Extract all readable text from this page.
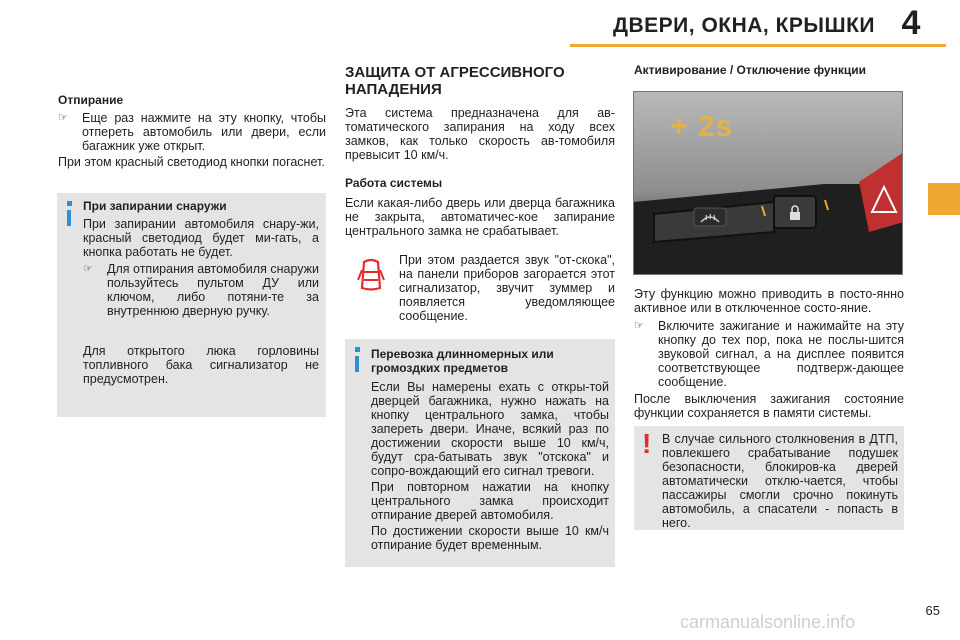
ДВЕРИ, ОКНА, КРЫШКИ 4

Отпирание

☞	Еще раз нажмите на эту кнопку, чтобы отпереть автомобиль или двери, если багажник уже открыт.

При этом красный светодиод кнопки погаснет.

При запирании снаружи

При запирании автомобиля снару-жи, красный светодиод будет ми-гать, а кнопка работать не будет.

☞	Для отпирания автомобиля снаружи пользуйтесь пультом ДУ или ключом, либо потяни-те за внутреннюю дверную ручку.

Для открытого люка горловины топливного бака сигнализатор не предусмотрен.

ЗАЩИТА ОТ АГРЕССИВНОГО НАПАДЕНИЯ

Эта система предназначена для ав-томатического запирания на ходу всех замков, как только скорость ав-томобиля превысит 10 км/ч.

Работа системы

Если какая-либо дверь или дверца багажника не закрыта, автоматичес-кое запирание центрального замка не срабатывает.

При этом раздается звук "от-скока", на панели приборов загорается этот сигнализатор, звучит зуммер и появляется уведомляющее сообщение.

Перевозка длинномерных или громоздких предметов

Если Вы намерены ехать с откры-той дверцей багажника, нужно нажать на кнопку центрального замка, чтобы запереть двери. Иначе, всякий раз по достижении скорости выше 10 км/ч, будут сра-батывать звук "отскока" и сопро-вождающий его сигнал тревоги.

При повторном нажатии на кнопку центрального замка происходит отпирание дверей автомобиля.

По достижении скорости выше 10 км/ч отпирание будет временным.

Активирование / Отключение функции

+ 2s

Эту функцию можно приводить в посто-янно активное или в отключенное состо-яние.

☞	Включите зажигание и нажимайте на эту кнопку до тех пор, пока не послы-шится звуковой сигнал, а на дисплее появится соответствующее подтверж-дающее сообщение.

После выключения зажигания состояние функции сохраняется в памяти системы.

! В случае сильного столкновения в ДТП, повлекшего срабатывание подушек безопасности, блокиров-ка дверей автоматически отклю-чается, чтобы пассажиры смогли срочно покинуть автомобиль, а спасатели - попасть в него.

65
carmanualsonline.info
